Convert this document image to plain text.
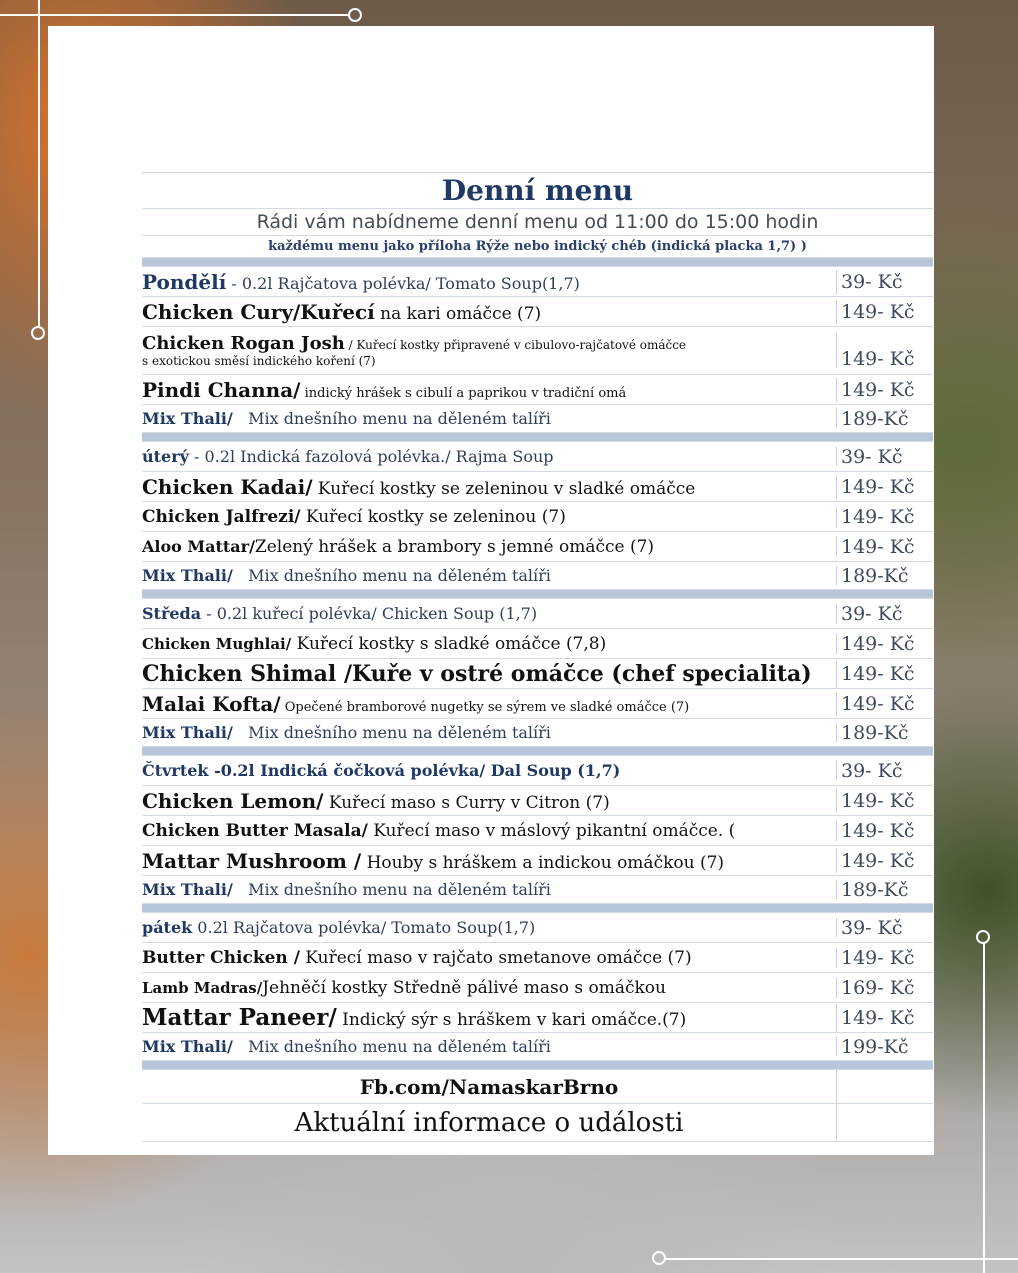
Denní menu
Rádi vám nabídneme denní menu od 11:00 do 15:00 hodin
každému menu jako příloha Rýže nebo indický chéb (indická placka 1,7) )
Pondělí - 0.2l Rajčatova polévka/ Tomato Soup(1,7)	39- Kč
Chicken Cury/Kuřecí na kari omáčce (7)	149- Kč
Chicken Rogan Josh / Kuřecí kostky připravené v cibulovo-rajčatové omáčce
s exotickou směsí indického koření (7)	149- Kč
Pindi Channa/ indický hrášek s cibulí a paprikou v tradiční omá	149- Kč
Mix Thali/ Mix dnešního menu na děleném talíři	189-Kč
úterý - 0.2l Indická fazolová polévka./ Rajma Soup	39- Kč
Chicken Kadai/ Kuřecí kostky se zeleninou v sladké omáčce	149- Kč
Chicken Jalfrezi/ Kuřecí kostky se zeleninou (7)	149- Kč
Aloo Mattar/Zelený hrášek a brambory s jemné omáčce (7)	149- Kč
Mix Thali/ Mix dnešního menu na děleném talíři	189-Kč
Středa - 0.2l kuřecí polévka/ Chicken Soup (1,7)	39- Kč
Chicken Mughlai/ Kuřecí kostky s sladké omáčce (7,8)	149- Kč
Chicken Shimal /Kuře v ostré omáčce (chef specialita)	149- Kč
Malai Kofta/ Opečené bramborové nugetky se sýrem ve sladké omáčce (7)	149- Kč
Mix Thali/ Mix dnešního menu na děleném talíři	189-Kč
Čtvrtek -0.2l Indická čočková polévka/ Dal Soup (1,7)	39- Kč
Chicken Lemon/ Kuřecí maso s Curry v Citron (7)	149- Kč
Chicken Butter Masala/ Kuřecí maso v máslový pikantní omáčce. (	149- Kč
Mattar Mushroom / Houby s hráškem a indickou omáčkou (7)	149- Kč
Mix Thali/ Mix dnešního menu na děleném talíři	189-Kč
pátek 0.2l Rajčatova polévka/ Tomato Soup(1,7)	39- Kč
Butter Chicken / Kuřecí maso v rajčato smetanove omáčce (7)	149- Kč
Lamb Madras/Jehněčí kostky Středně pálivé maso s omáčkou	169- Kč
Mattar Paneer/ Indický sýr s hráškem v kari omáčce.(7)	149- Kč
Mix Thali/ Mix dnešního menu na děleném talíři	199-Kč
Fb.com/NamaskarBrno
Aktuální informace o události
